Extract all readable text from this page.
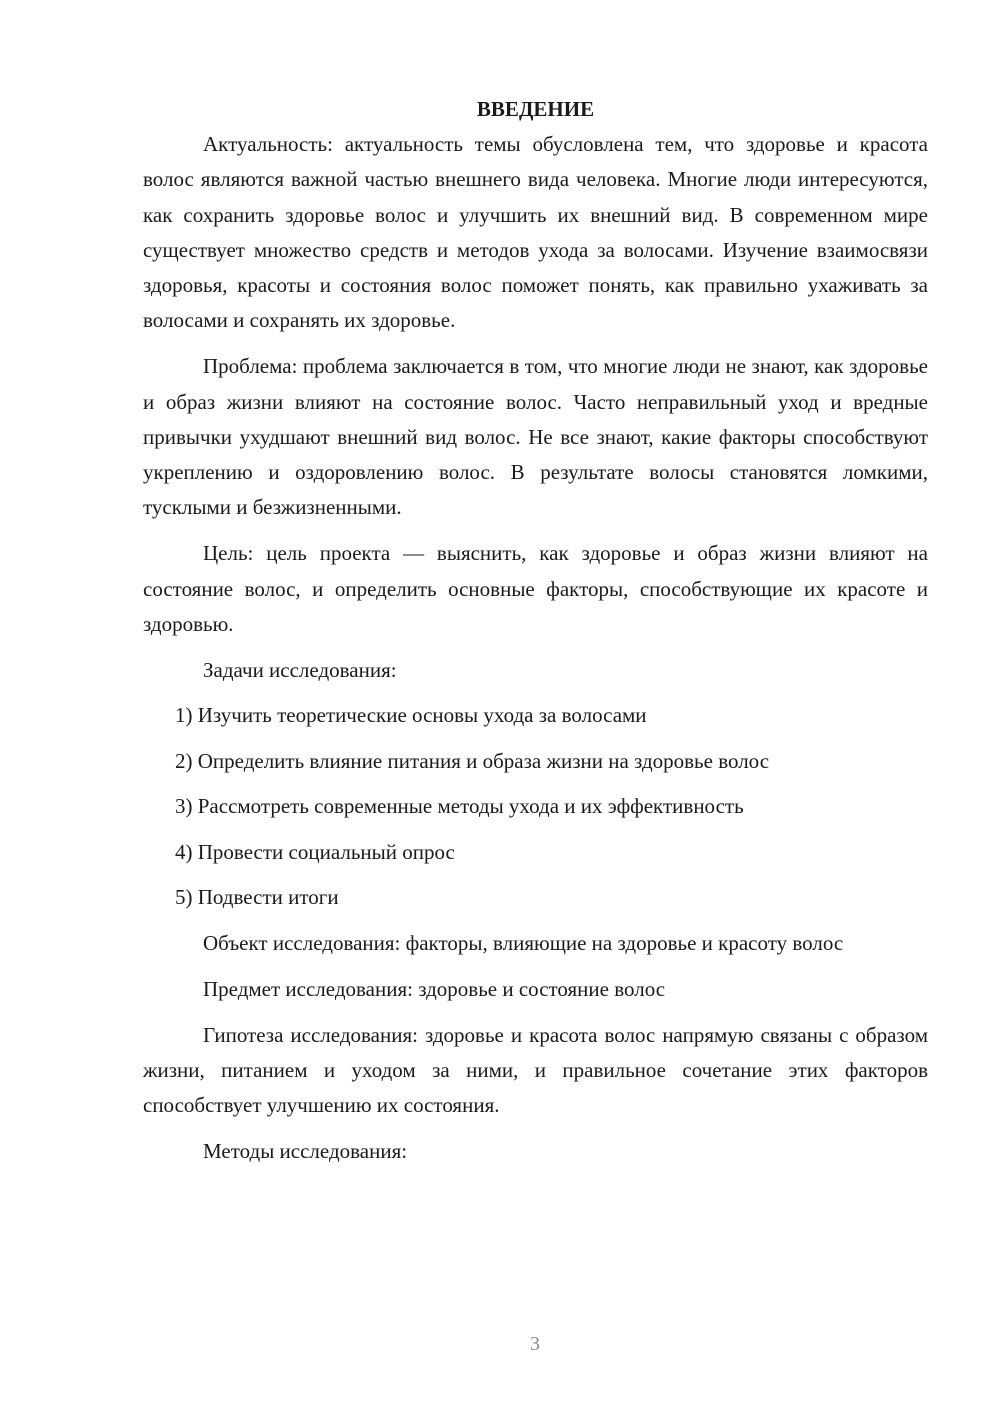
ВВЕДЕНИЕ

Актуальность: актуальность темы обусловлена тем, что здоровье и красота волос являются важной частью внешнего вида человека. Многие люди интересуются, как сохранить здоровье волос и улучшить их внешний вид. В современном мире существует множество средств и методов ухода за волосами. Изучение взаимосвязи здоровья, красоты и состояния волос поможет понять, как правильно ухаживать за волосами и сохранять их здоровье.

Проблема: проблема заключается в том, что многие люди не знают, как здоровье и образ жизни влияют на состояние волос. Часто неправильный уход и вредные привычки ухудшают внешний вид волос. Не все знают, какие факторы способствуют укреплению и оздоровлению волос. В результате волосы становятся ломкими, тусклыми и безжизненными.

Цель: цель проекта — выяснить, как здоровье и образ жизни влияют на состояние волос, и определить основные факторы, способствующие их красоте и здоровью.

Задачи исследования:

1) Изучить теоретические основы ухода за волосами
2) Определить влияние питания и образа жизни на здоровье волос
3) Рассмотреть современные методы ухода и их эффективность
4) Провести социальный опрос
5) Подвести итоги

Объект исследования: факторы, влияющие на здоровье и красоту волос

Предмет исследования: здоровье и состояние волос

Гипотеза исследования: здоровье и красота волос напрямую связаны с образом жизни, питанием и уходом за ними, и правильное сочетание этих факторов способствует улучшению их состояния.

Методы исследования:

3
